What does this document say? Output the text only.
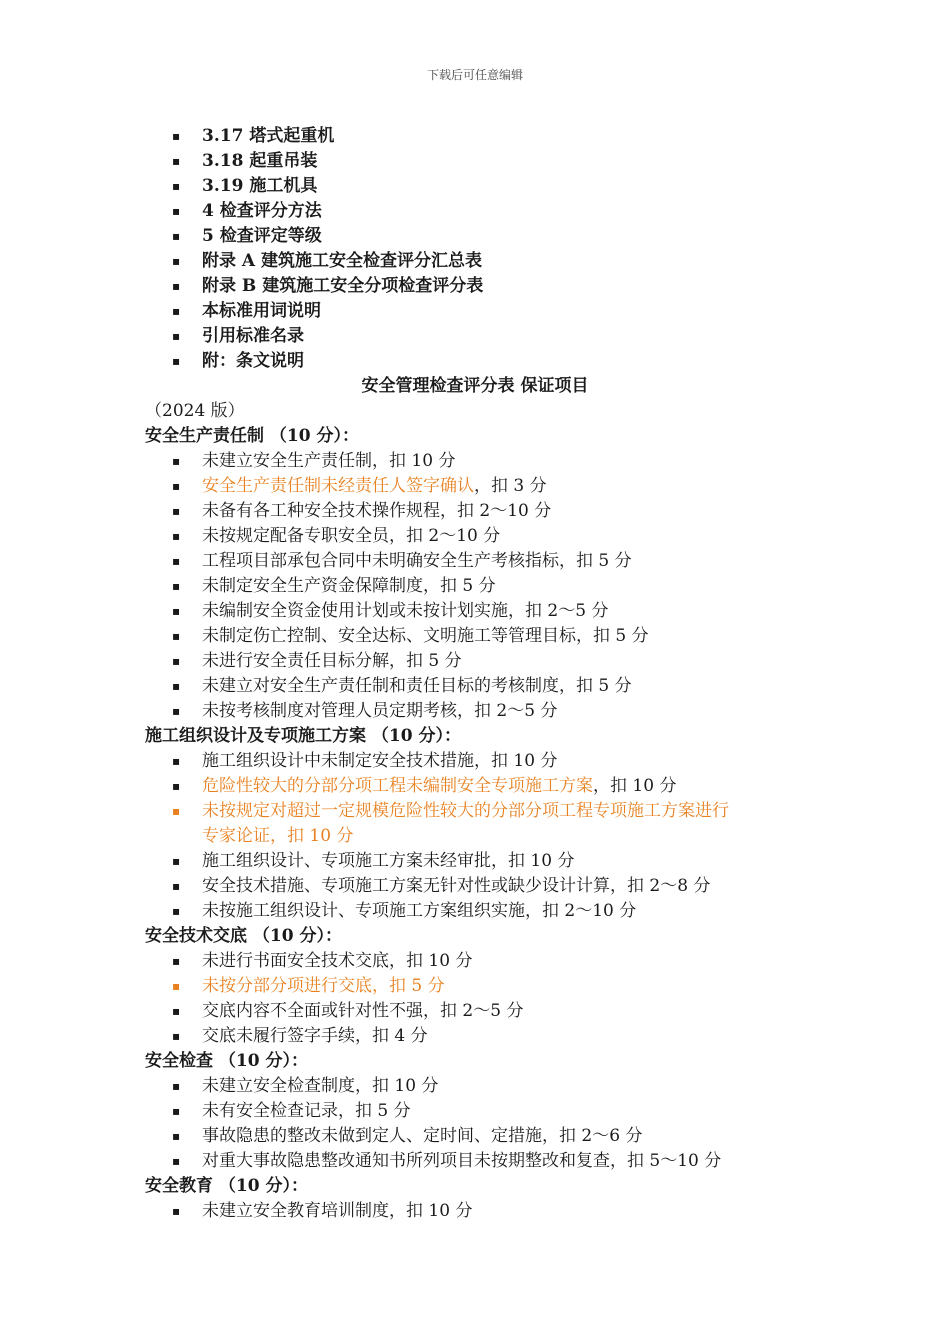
下载后可任意编辑
▪ 3.17 塔式起重机
▪ 3.18 起重吊装
▪ 3.19 施工机具
▪ 4 检查评分方法
▪ 5 检查评定等级
▪ 附录 A 建筑施工安全检查评分汇总表
▪ 附录 B 建筑施工安全分项检查评分表
▪ 本标准用词说明
▪ 引用标准名录
▪ 附：条文说明
安全管理检查评分表 保证项目
（2024 版）
安全生产责任制 （10 分）：
▪ 未建立安全生产责任制，扣 10 分
▪ 安全生产责任制未经责任人签字确认，扣 3 分
▪ 未备有各工种安全技术操作规程，扣 2～10 分
▪ 未按规定配备专职安全员，扣 2～10 分
▪ 工程项目部承包合同中未明确安全生产考核指标，扣 5 分
▪ 未制定安全生产资金保障制度，扣 5 分
▪ 未编制安全资金使用计划或未按计划实施，扣 2～5 分
▪ 未制定伤亡控制、安全达标、文明施工等管理目标，扣 5 分
▪ 未进行安全责任目标分解，扣 5 分
▪ 未建立对安全生产责任制和责任目标的考核制度，扣 5 分
▪ 未按考核制度对管理人员定期考核，扣 2～5 分
施工组织设计及专项施工方案 （10 分）：
▪ 施工组织设计中未制定安全技术措施，扣 10 分
▪ 危险性较大的分部分项工程未编制安全专项施工方案，扣 10 分
▪ 未按规定对超过一定规模危险性较大的分部分项工程专项施工方案进行
专家论证，扣 10 分
▪ 施工组织设计、专项施工方案未经审批，扣 10 分
▪ 安全技术措施、专项施工方案无针对性或缺少设计计算，扣 2～8 分
▪ 未按施工组织设计、专项施工方案组织实施，扣 2～10 分
安全技术交底 （10 分）：
▪ 未进行书面安全技术交底，扣 10 分
▪ 未按分部分项进行交底，扣 5 分
▪ 交底内容不全面或针对性不强，扣 2～5 分
▪ 交底未履行签字手续，扣 4 分
安全检查 （10 分）：
▪ 未建立安全检查制度，扣 10 分
▪ 未有安全检查记录，扣 5 分
▪ 事故隐患的整改未做到定人、定时间、定措施，扣 2～6 分
▪ 对重大事故隐患整改通知书所列项目未按期整改和复查，扣 5～10 分
安全教育 （10 分）：
▪ 未建立安全教育培训制度，扣 10 分
